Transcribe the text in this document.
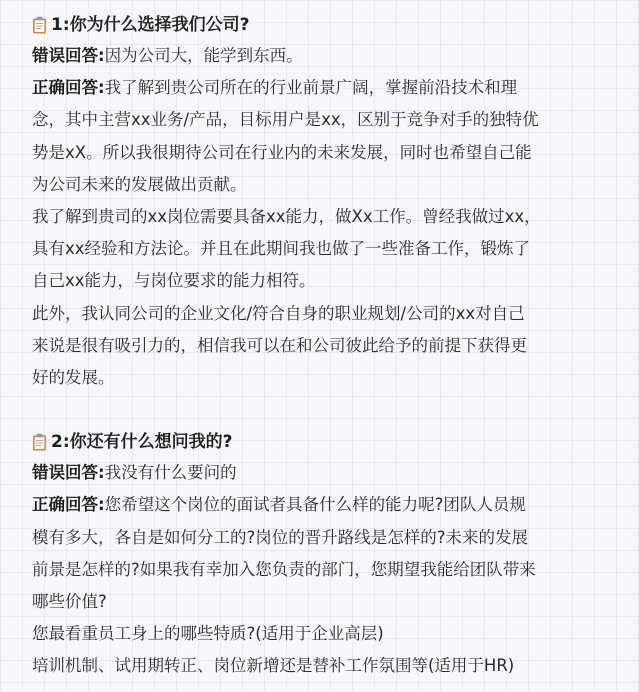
1:你为什么选择我们公司?
错误回答:因为公司大，能学到东西。
正确回答:我了解到贵公司所在的行业前景广阔，掌握前沿技术和理
念，其中主营xx业务/产品，目标用户是xx，区别于竞争对手的独特优
势是xX。所以我很期待公司在行业内的未来发展，同时也希望自己能
为公司未来的发展做出贡献。
我了解到贵司的xx岗位需要具备xx能力，做Xx工作。曾经我做过xx，
具有xx经验和方法论。并且在此期间我也做了一些准备工作，锻炼了
自己xx能力，与岗位要求的能力相符。
此外，我认同公司的企业文化/符合自身的职业规划/公司的xx对自己
来说是很有吸引力的，相信我可以在和公司彼此给予的前提下获得更
好的发展。
2:你还有什么想问我的?
错误回答:我没有什么要问的
正确回答:您希望这个岗位的面试者具备什么样的能力呢?团队人员规
模有多大，各自是如何分工的?岗位的晋升路线是怎样的?未来的发展
前景是怎样的?如果我有幸加入您负责的部门，您期望我能给团队带来
哪些价值?
您最看重员工身上的哪些特质?(适用于企业高层)
培训机制、试用期转正、岗位新增还是替补工作氛围等(适用于HR)
